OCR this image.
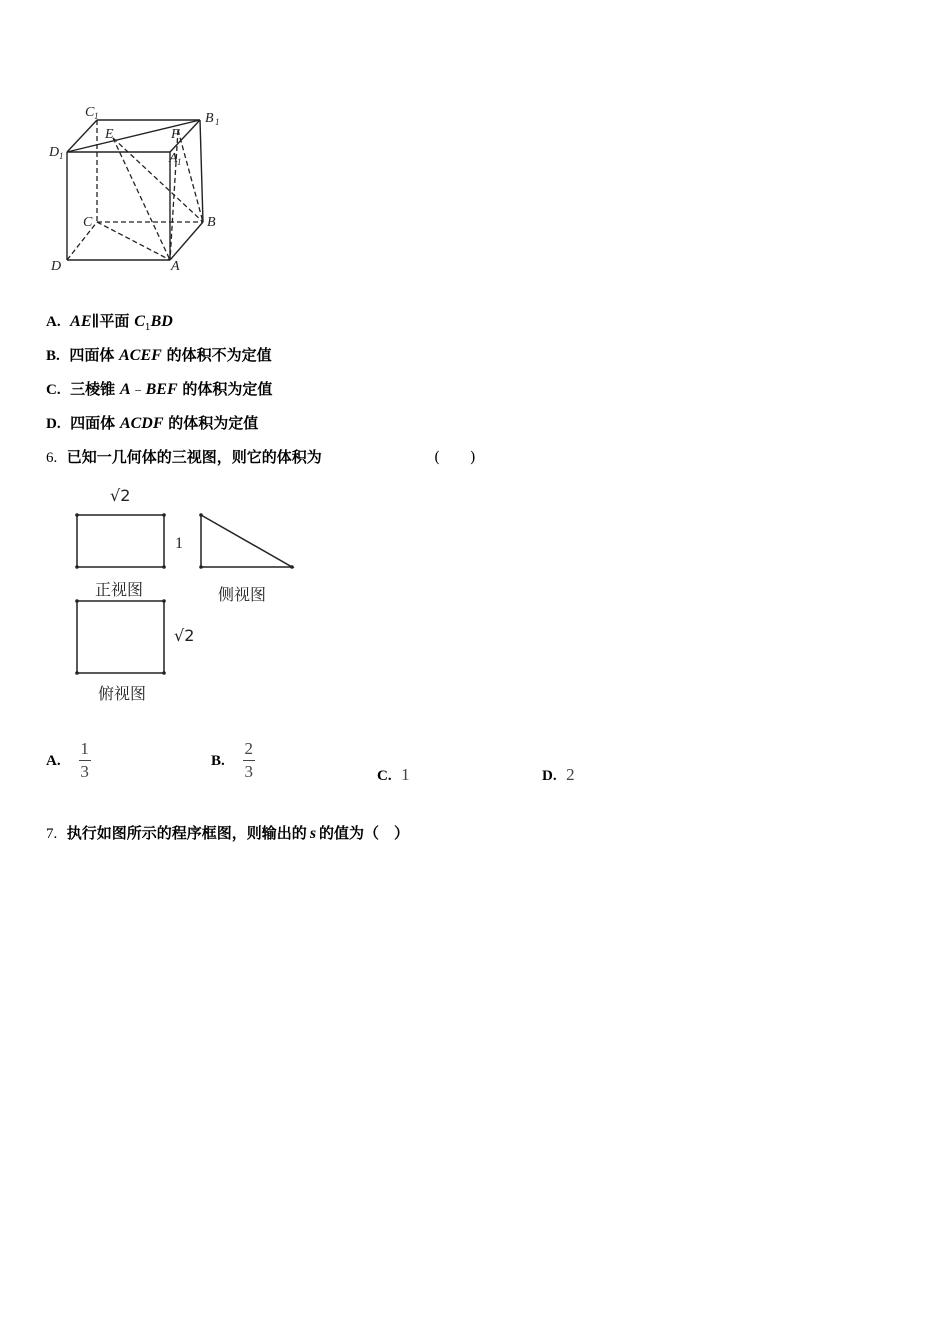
C 1	B 1
D 1	A 1
E	F
C	B
D	A
A. AE∥平面 $C_1BD$
B. 四面体 ACEF 的体积不为定值
C. 三棱锥 A﹣BEF 的体积为定值
D. 四面体 ACDF 的体积为定值
6. 已知一几何体的三视图，则它的体积为	(　　)
√2
1
正视图	侧视图
√2
俯视图
A. $\frac{1}{3}$	B. $\frac{2}{3}$	C. 1	D. 2
7. 执行如图所示的程序框图，则输出的 s 的值为（　）
